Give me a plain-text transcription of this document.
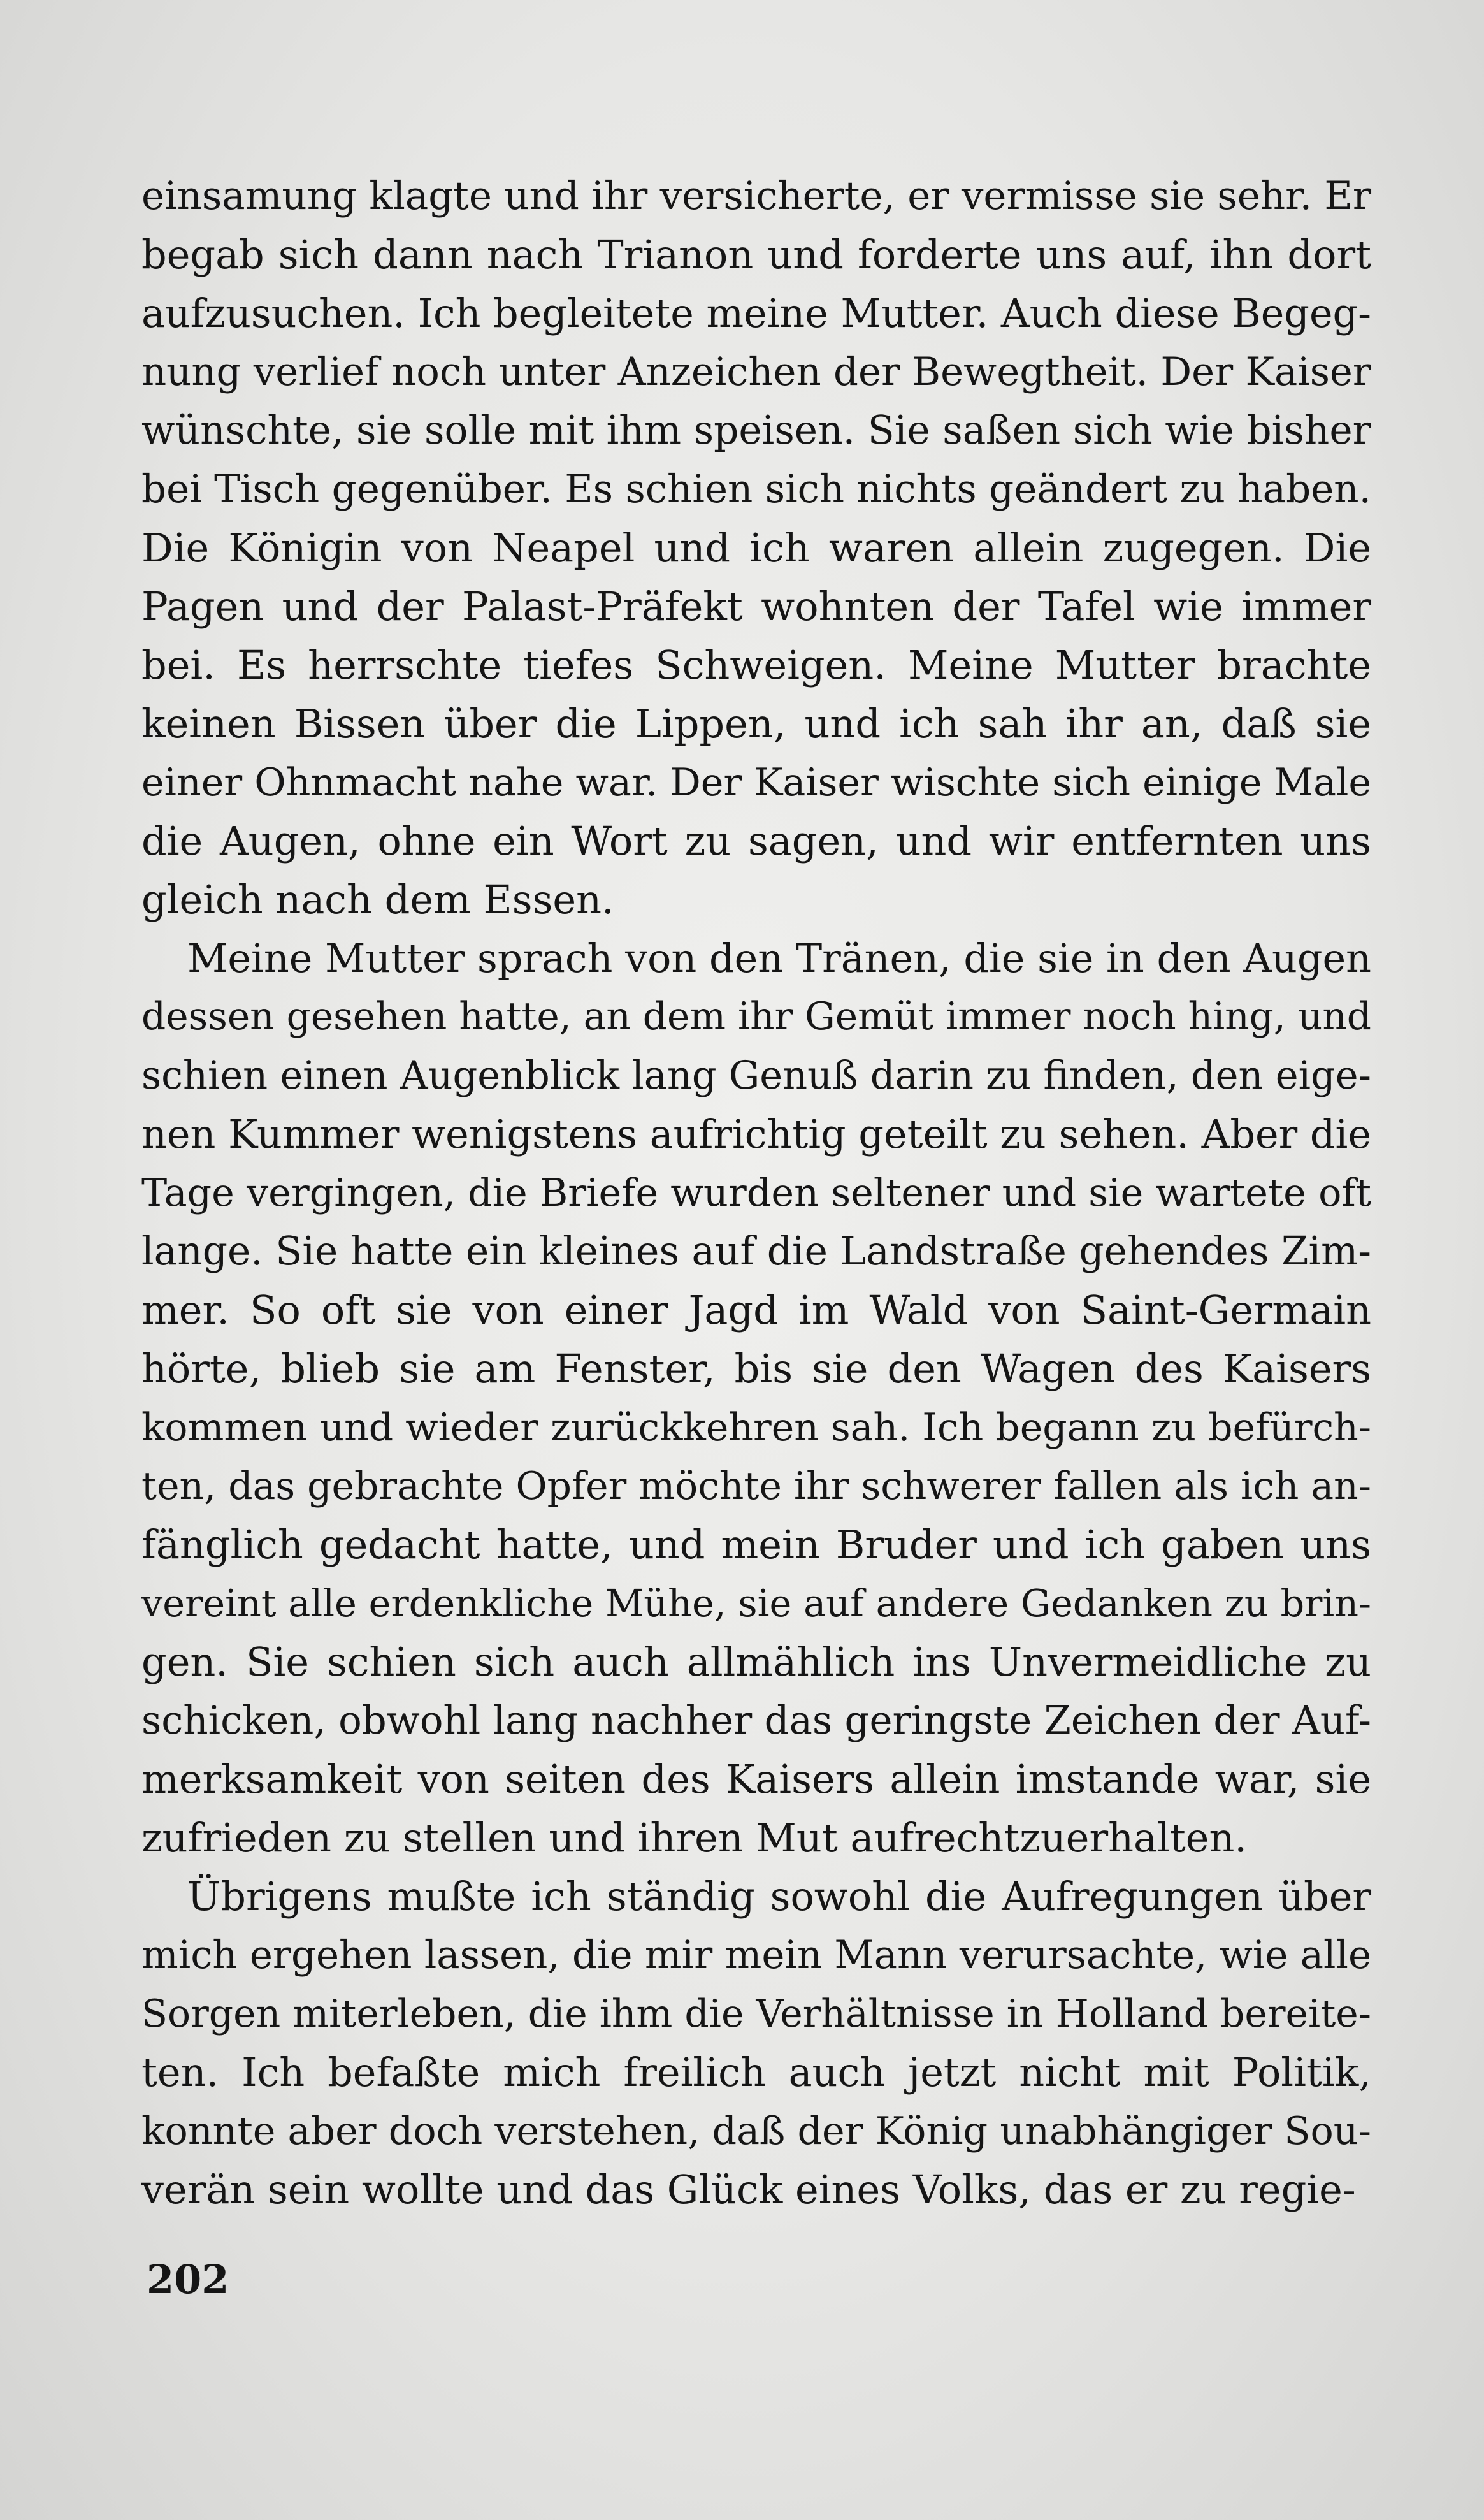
einsamung klagte und ihr versicherte, er vermisse sie sehr. Er
begab sich dann nach Trianon und forderte uns auf, ihn dort
aufzusuchen. Ich begleitete meine Mutter. Auch diese Begeg-
nung verlief noch unter Anzeichen der Bewegtheit. Der Kaiser
wünschte, sie solle mit ihm speisen. Sie saßen sich wie bisher
bei Tisch gegenüber. Es schien sich nichts geändert zu haben.
Die Königin von Neapel und ich waren allein zugegen. Die
Pagen und der Palast-Präfekt wohnten der Tafel wie immer
bei. Es herrschte tiefes Schweigen. Meine Mutter brachte
keinen Bissen über die Lippen, und ich sah ihr an, daß sie
einer Ohnmacht nahe war. Der Kaiser wischte sich einige Male
die Augen, ohne ein Wort zu sagen, und wir entfernten uns
gleich nach dem Essen.
Meine Mutter sprach von den Tränen, die sie in den Augen
dessen gesehen hatte, an dem ihr Gemüt immer noch hing, und
schien einen Augenblick lang Genuß darin zu finden, den eige-
nen Kummer wenigstens aufrichtig geteilt zu sehen. Aber die
Tage vergingen, die Briefe wurden seltener und sie wartete oft
lange. Sie hatte ein kleines auf die Landstraße gehendes Zim-
mer. So oft sie von einer Jagd im Wald von Saint-Germain
hörte, blieb sie am Fenster, bis sie den Wagen des Kaisers
kommen und wieder zurückkehren sah. Ich begann zu befürch-
ten, das gebrachte Opfer möchte ihr schwerer fallen als ich an-
fänglich gedacht hatte, und mein Bruder und ich gaben uns
vereint alle erdenkliche Mühe, sie auf andere Gedanken zu brin-
gen. Sie schien sich auch allmählich ins Unvermeidliche zu
schicken, obwohl lang nachher das geringste Zeichen der Auf-
merksamkeit von seiten des Kaisers allein imstande war, sie
zufrieden zu stellen und ihren Mut aufrechtzuerhalten.
Übrigens mußte ich ständig sowohl die Aufregungen über
mich ergehen lassen, die mir mein Mann verursachte, wie alle
Sorgen miterleben, die ihm die Verhältnisse in Holland bereite-
ten. Ich befaßte mich freilich auch jetzt nicht mit Politik,
konnte aber doch verstehen, daß der König unabhängiger Sou-
verän sein wollte und das Glück eines Volks, das er zu regie-
202
